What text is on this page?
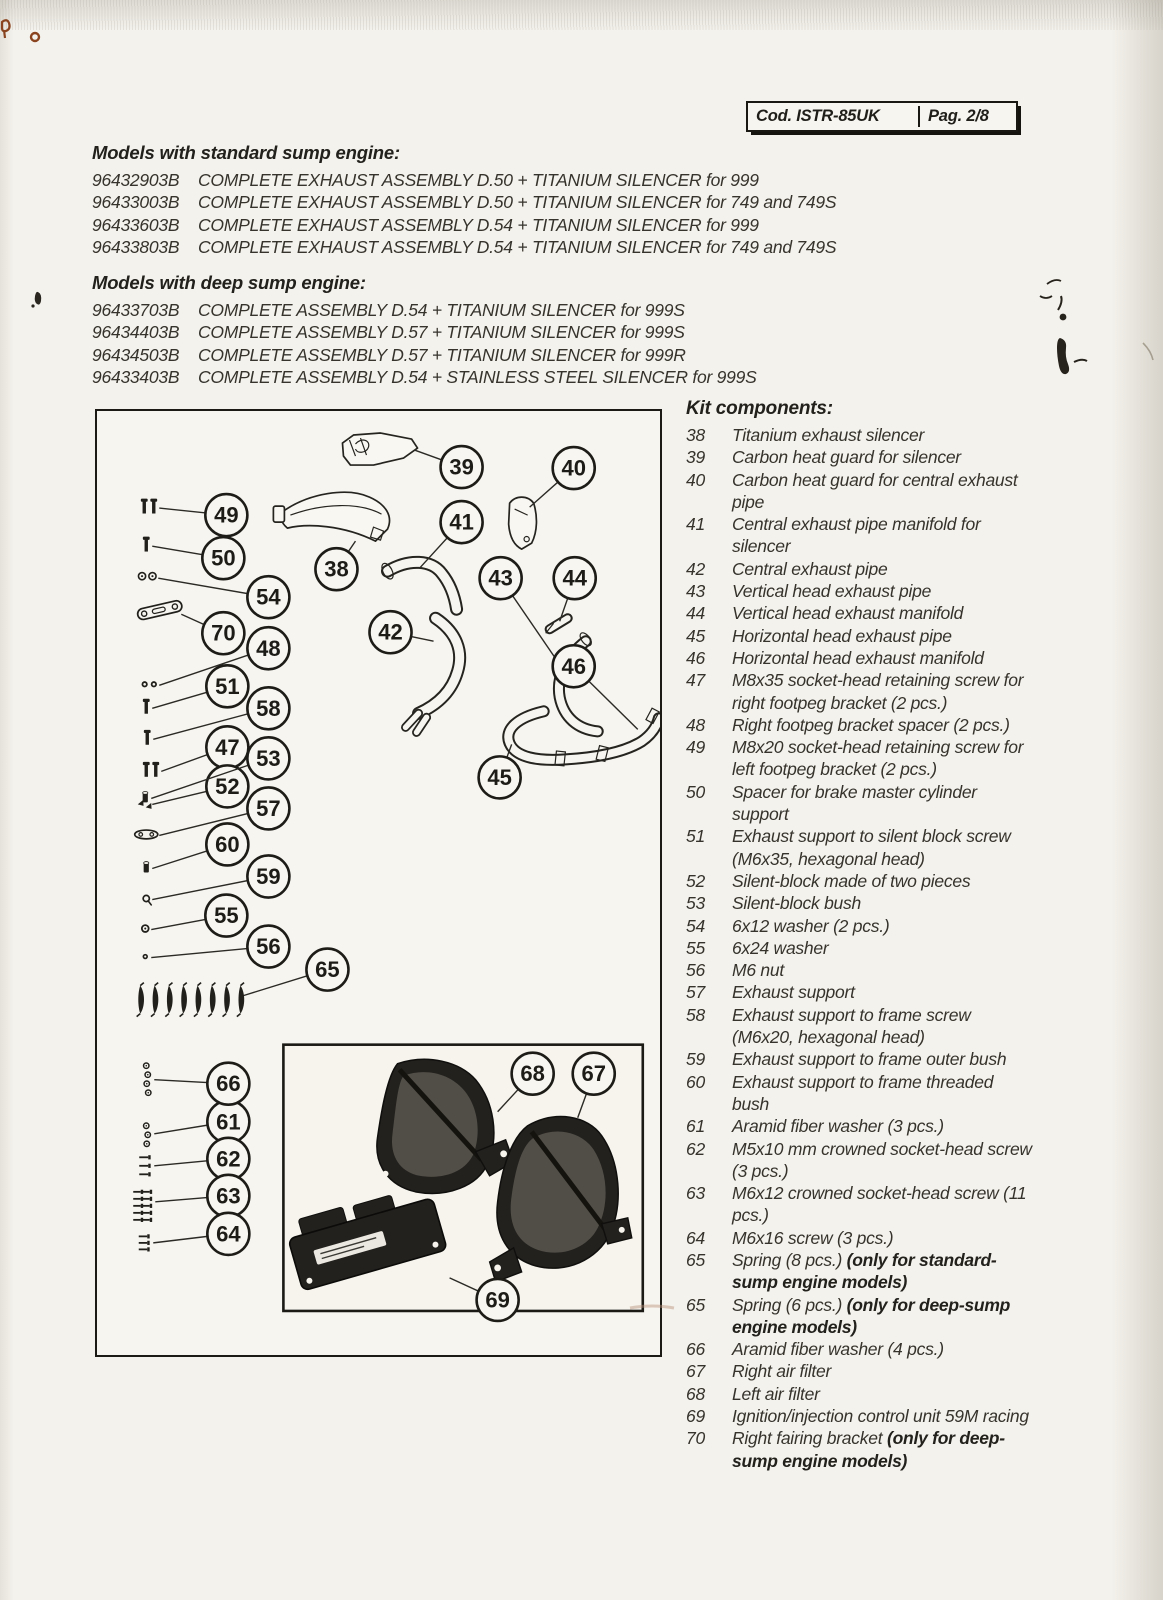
Cod. ISTR-85UK	Pag. 2/8
Models with standard sump engine:
96432903B	COMPLETE EXHAUST ASSEMBLY D.50 + TITANIUM SILENCER for 999
96433003B	COMPLETE EXHAUST ASSEMBLY D.50 + TITANIUM SILENCER for 749 and 749S
96433603B	COMPLETE EXHAUST ASSEMBLY D.54 + TITANIUM SILENCER for 999
96433803B	COMPLETE EXHAUST ASSEMBLY D.54 + TITANIUM SILENCER for 749 and 749S
Models with deep sump engine:
96433703B	COMPLETE ASSEMBLY D.54 + TITANIUM SILENCER for 999S
96434403B	COMPLETE ASSEMBLY D.57 + TITANIUM SILENCER for 999S
96434503B	COMPLETE ASSEMBLY D.57 + TITANIUM SILENCER for 999R
96433403B	COMPLETE ASSEMBLY D.54 + STAINLESS STEEL SILENCER for 999S
38
39	40
41
42
43 44
45
46
47
48
49
50
51
52
53
54
55
56
57
58
59
60
61
62
63
64
65
66	67
68
69
70
Kit components:
38 Titanium exhaust silencer
39 Carbon heat guard for silencer
40 Carbon heat guard for central exhaust pipe
41 Central exhaust pipe manifold for silencer
42 Central exhaust pipe
43 Vertical head exhaust pipe
44 Vertical head exhaust manifold
45 Horizontal head exhaust pipe
46 Horizontal head exhaust manifold
47 M8x35 socket-head retaining screw for right footpeg bracket (2 pcs.)
48 Right footpeg bracket spacer (2 pcs.)
49 M8x20 socket-head retaining screw for left footpeg bracket (2 pcs.)
50 Spacer for brake master cylinder support
51 Exhaust support to silent block screw (M6x35, hexagonal head)
52 Silent-block made of two pieces
53 Silent-block bush
54 6x12 washer (2 pcs.)
55 6x24 washer
56 M6 nut
57 Exhaust support
58 Exhaust support to frame screw (M6x20, hexagonal head)
59 Exhaust support to frame outer bush
60 Exhaust support to frame threaded bush
61 Aramid fiber washer (3 pcs.)
62 M5x10 mm crowned socket-head screw (3 pcs.)
63 M6x12 crowned socket-head screw (11 pcs.)
64 M6x16 screw (3 pcs.)
65 Spring (8 pcs.) (only for standard-sump engine models)
65 Spring (6 pcs.) (only for deep-sump engine models)
66 Aramid fiber washer (4 pcs.)
67 Right air filter
68 Left air filter
69 Ignition/injection control unit 59M racing
70 Right fairing bracket (only for deep-sump engine models)
